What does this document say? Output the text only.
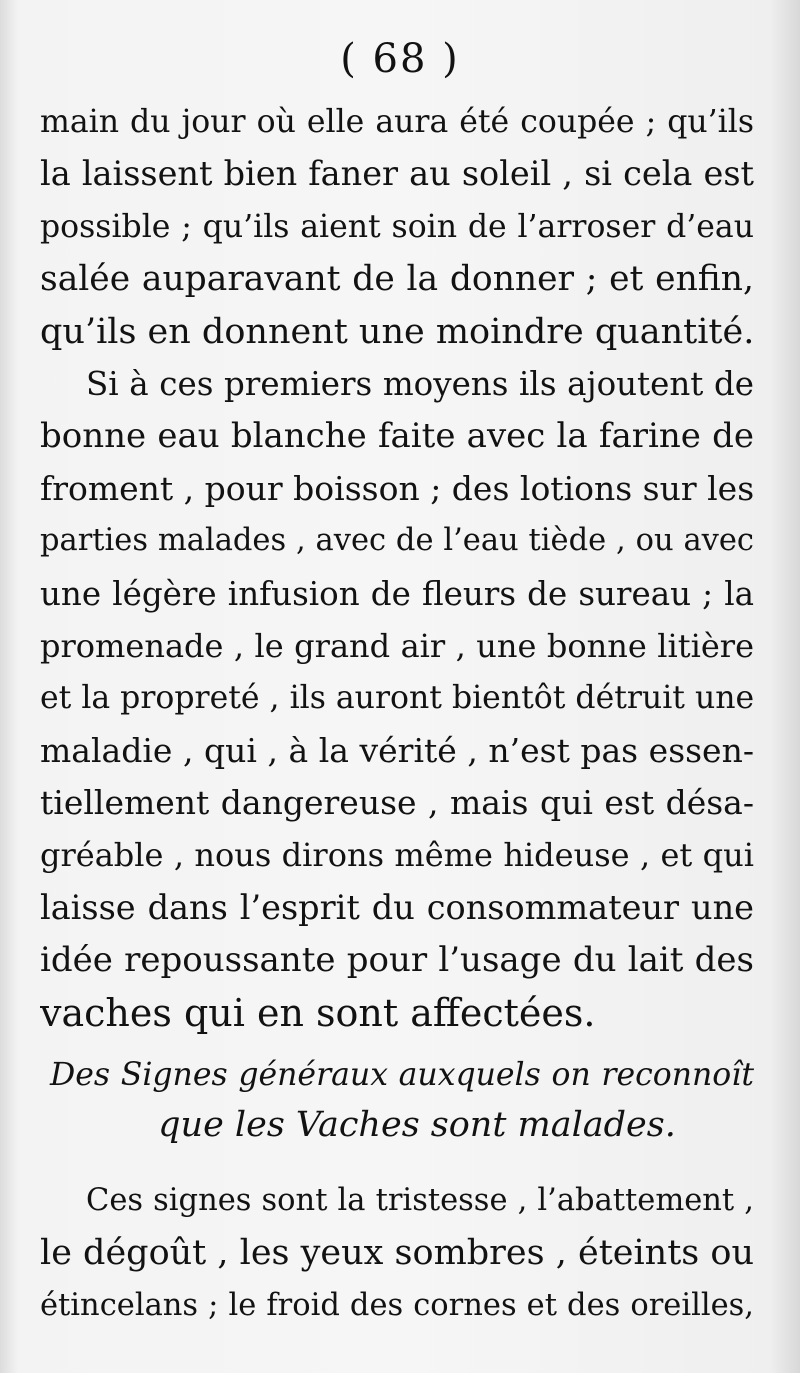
( 68 )
main du jour où elle aura été coupée ; qu’ils
la laissent bien faner au soleil , si cela est
possible ; qu’ils aient soin de l’arroser d’eau
salée auparavant de la donner ; et enfin,
qu’ils en donnent une moindre quantité.
Si à ces premiers moyens ils ajoutent de
bonne eau blanche faite avec la farine de
froment , pour boisson ; des lotions sur les
parties malades , avec de l’eau tiède , ou avec
une légère infusion de fleurs de sureau ; la
promenade , le grand air , une bonne litière
et la propreté , ils auront bientôt détruit une
maladie , qui , à la vérité , n’est pas essen-
tiellement dangereuse , mais qui est désa-
gréable , nous dirons même hideuse , et qui
laisse dans l’esprit du consommateur une
idée repoussante pour l’usage du lait des
vaches qui en sont affectées.
Des Signes généraux auxquels on reconnoît
que les Vaches sont malades.
Ces signes sont la tristesse , l’abattement ,
le dégoût , les yeux sombres , éteints ou
étincelans ; le froid des cornes et des oreilles,
